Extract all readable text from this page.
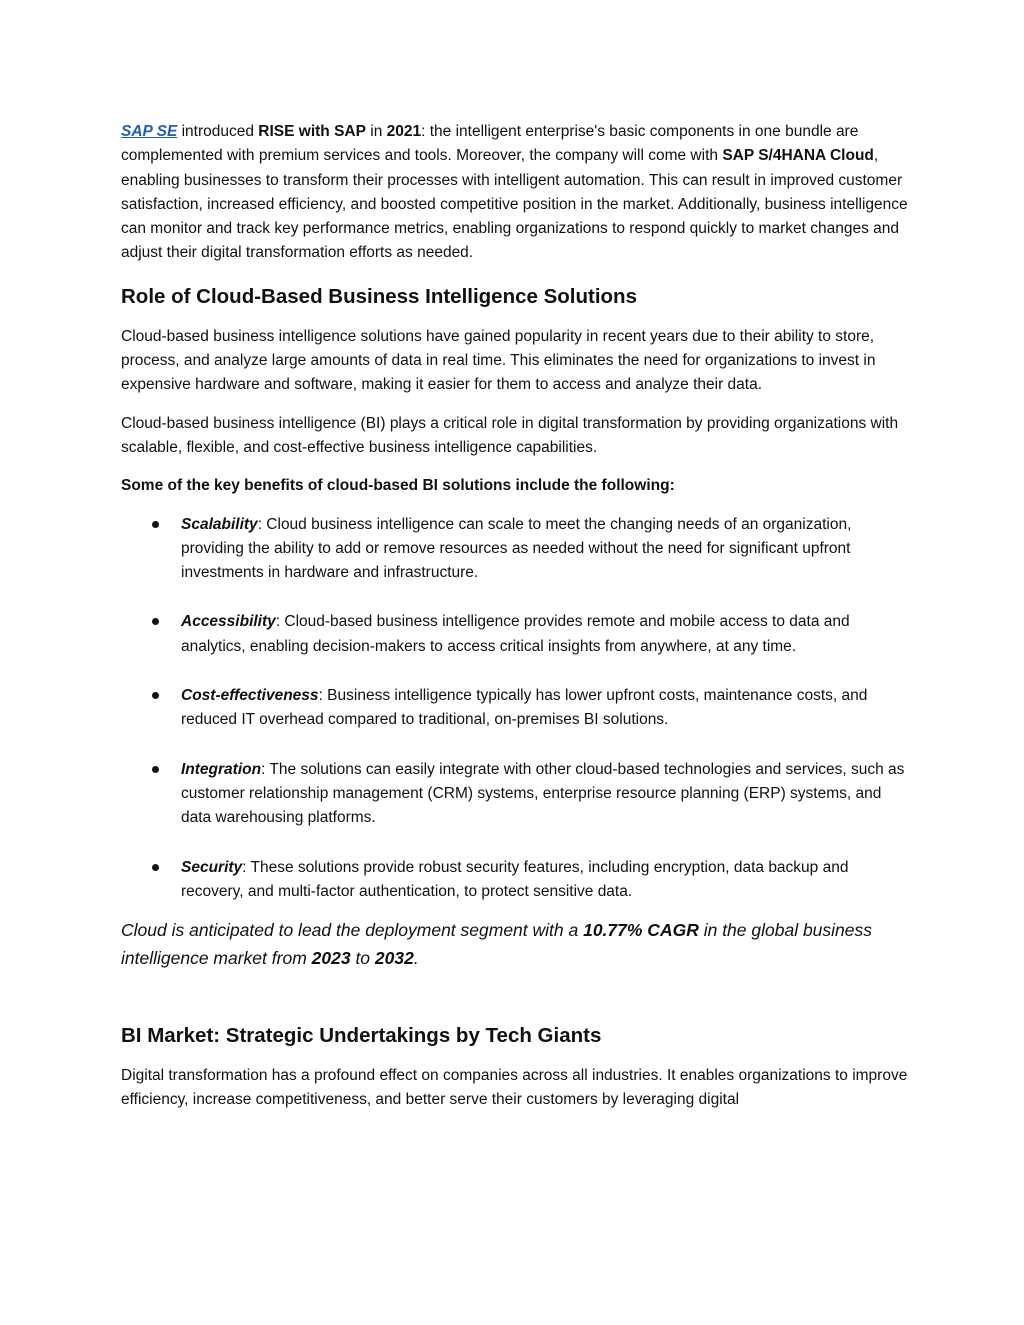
SAP SE introduced RISE with SAP in 2021: the intelligent enterprise's basic components in one bundle are complemented with premium services and tools. Moreover, the company will come with SAP S/4HANA Cloud, enabling businesses to transform their processes with intelligent automation. This can result in improved customer satisfaction, increased efficiency, and boosted competitive position in the market. Additionally, business intelligence can monitor and track key performance metrics, enabling organizations to respond quickly to market changes and adjust their digital transformation efforts as needed.

Role of Cloud-Based Business Intelligence Solutions

Cloud-based business intelligence solutions have gained popularity in recent years due to their ability to store, process, and analyze large amounts of data in real time. This eliminates the need for organizations to invest in expensive hardware and software, making it easier for them to access and analyze their data.

Cloud-based business intelligence (BI) plays a critical role in digital transformation by providing organizations with scalable, flexible, and cost-effective business intelligence capabilities.

Some of the key benefits of cloud-based BI solutions include the following:

Scalability: Cloud business intelligence can scale to meet the changing needs of an organization, providing the ability to add or remove resources as needed without the need for significant upfront investments in hardware and infrastructure.
Accessibility: Cloud-based business intelligence provides remote and mobile access to data and analytics, enabling decision-makers to access critical insights from anywhere, at any time.
Cost-effectiveness: Business intelligence typically has lower upfront costs, maintenance costs, and reduced IT overhead compared to traditional, on-premises BI solutions.
Integration: The solutions can easily integrate with other cloud-based technologies and services, such as customer relationship management (CRM) systems, enterprise resource planning (ERP) systems, and data warehousing platforms.
Security: These solutions provide robust security features, including encryption, data backup and recovery, and multi-factor authentication, to protect sensitive data.

Cloud is anticipated to lead the deployment segment with a 10.77% CAGR in the global business intelligence market from 2023 to 2032.

BI Market: Strategic Undertakings by Tech Giants

Digital transformation has a profound effect on companies across all industries. It enables organizations to improve efficiency, increase competitiveness, and better serve their customers by leveraging digital
